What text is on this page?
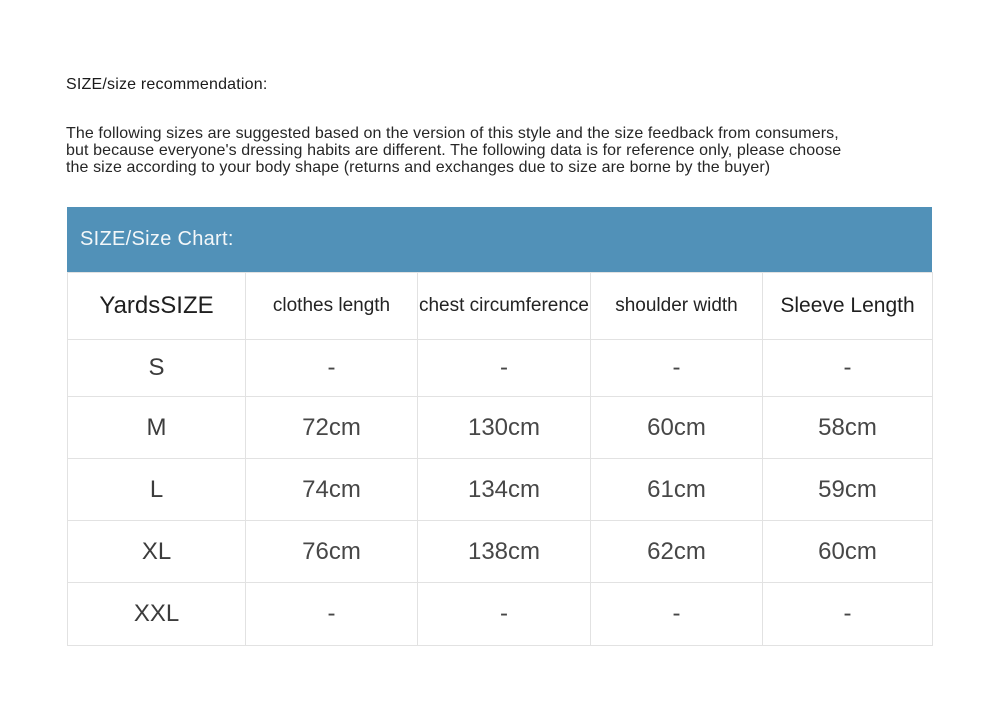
SIZE/size recommendation:
The following sizes are suggested based on the version of this style and the size feedback from consumers,
but because everyone's dressing habits are different. The following data is for reference only, please choose
the size according to your body shape (returns and exchanges due to size are borne by the buyer)
SIZE/Size Chart:
YardsSIZE	clothes length	chest circumference	shoulder width	Sleeve Length
S	-	-	-	-
M	72cm	130cm	60cm	58cm
L	74cm	134cm	61cm	59cm
XL	76cm	138cm	62cm	60cm
XXL	-	-	-	-
